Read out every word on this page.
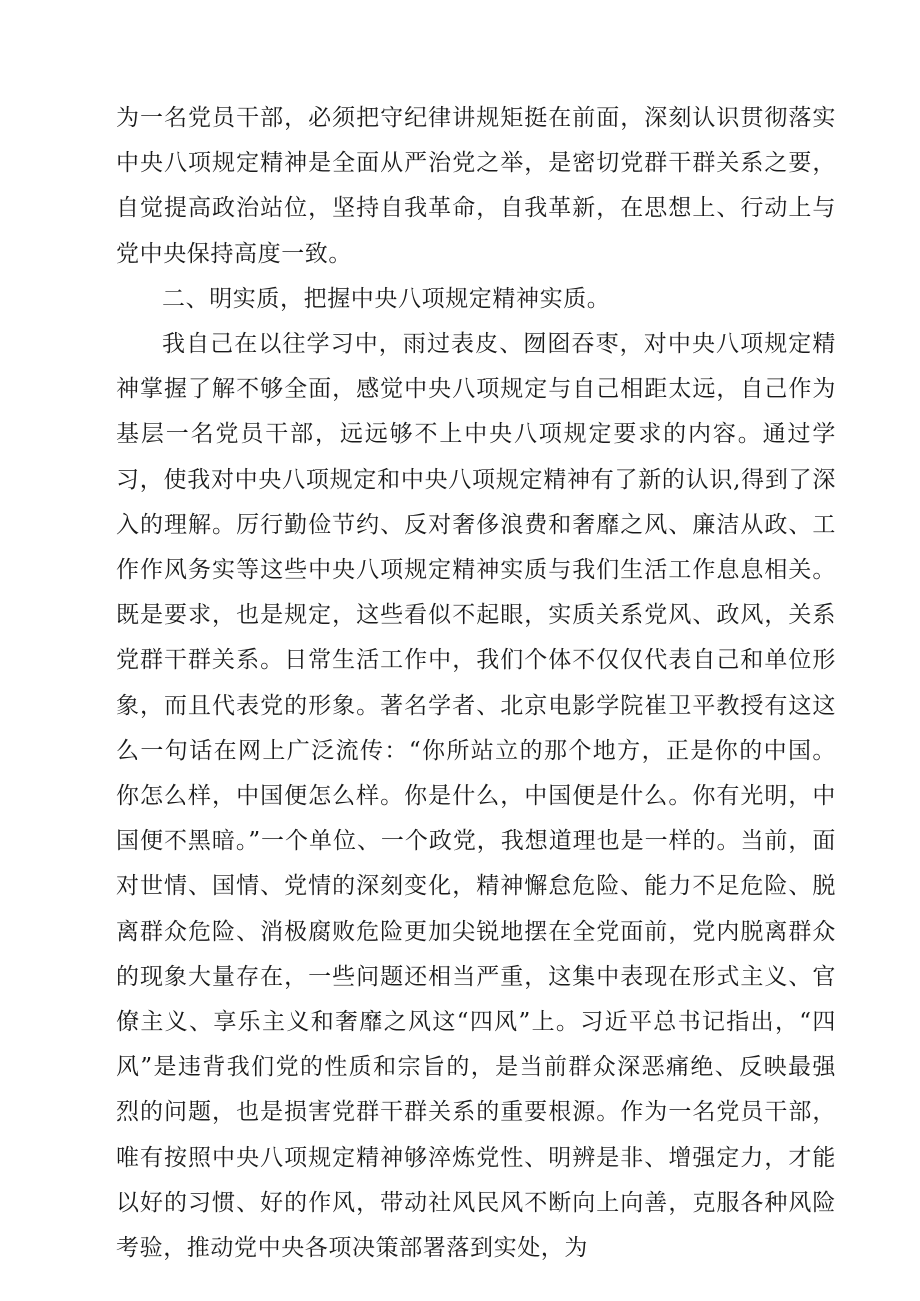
为一名党员干部，必须把守纪律讲规矩挺在前面，深刻认识贯彻落实中央八项规定精神是全面从严治党之举，是密切党群干群关系之要，自觉提高政治站位，坚持自我革命，自我革新，在思想上、行动上与党中央保持高度一致。

二、明实质，把握中央八项规定精神实质。

我自己在以往学习中，雨过表皮、囫囵吞枣，对中央八项规定精神掌握了解不够全面，感觉中央八项规定与自己相距太远，自己作为基层一名党员干部，远远够不上中央八项规定要求的内容。通过学习，使我对中央八项规定和中央八项规定精神有了新的认识,得到了深入的理解。厉行勤俭节约、反对奢侈浪费和奢靡之风、廉洁从政、工作作风务实等这些中央八项规定精神实质与我们生活工作息息相关。既是要求，也是规定，这些看似不起眼，实质关系党风、政风，关系党群干群关系。日常生活工作中，我们个体不仅仅代表自己和单位形象，而且代表党的形象。著名学者、北京电影学院崔卫平教授有这这么一句话在网上广泛流传：“你所站立的那个地方，正是你的中国。你怎么样，中国便怎么样。你是什么，中国便是什么。你有光明，中国便不黑暗。”一个单位、一个政党，我想道理也是一样的。当前，面对世情、国情、党情的深刻变化，精神懈怠危险、能力不足危险、脱离群众危险、消极腐败危险更加尖锐地摆在全党面前，党内脱离群众的现象大量存在，一些问题还相当严重，这集中表现在形式主义、官僚主义、享乐主义和奢靡之风这“四风”上。习近平总书记指出，“四风”是违背我们党的性质和宗旨的，是当前群众深恶痛绝、反映最强烈的问题，也是损害党群干群关系的重要根源。作为一名党员干部，唯有按照中央八项规定精神够淬炼党性、明辨是非、增强定力，才能以好的习惯、好的作风，带动社风民风不断向上向善，克服各种风险考验，推动党中央各项决策部署落到实处，为
